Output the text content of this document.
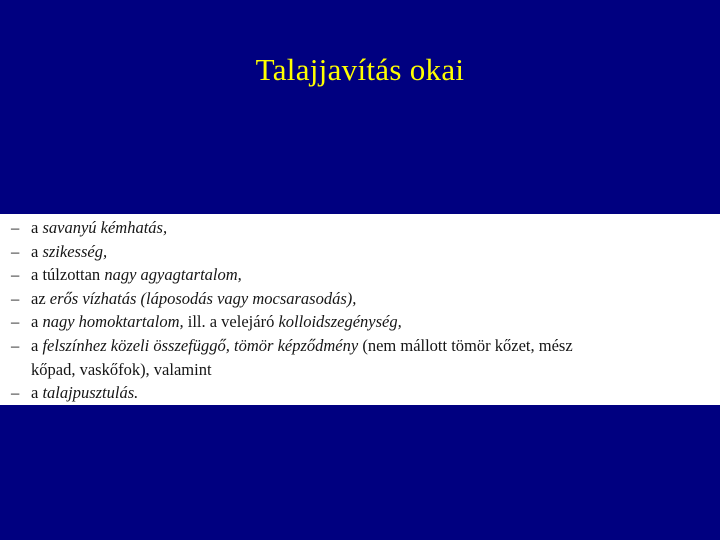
Talajjavítás okai
– a savanyú kémhatás,
– a szikesség,
– a túlzottan nagy agyagtartalom,
– az erős vízhatás (láposodás vagy mocsarasodás),
– a nagy homoktartalom, ill. a velejáró kolloidszegénység,
– a felszínhez közeli összefüggő, tömör képződmény (nem mállott tömör kőzet, mész
kőpad, vaskőfok), valamint
– a talajpusztulás.
